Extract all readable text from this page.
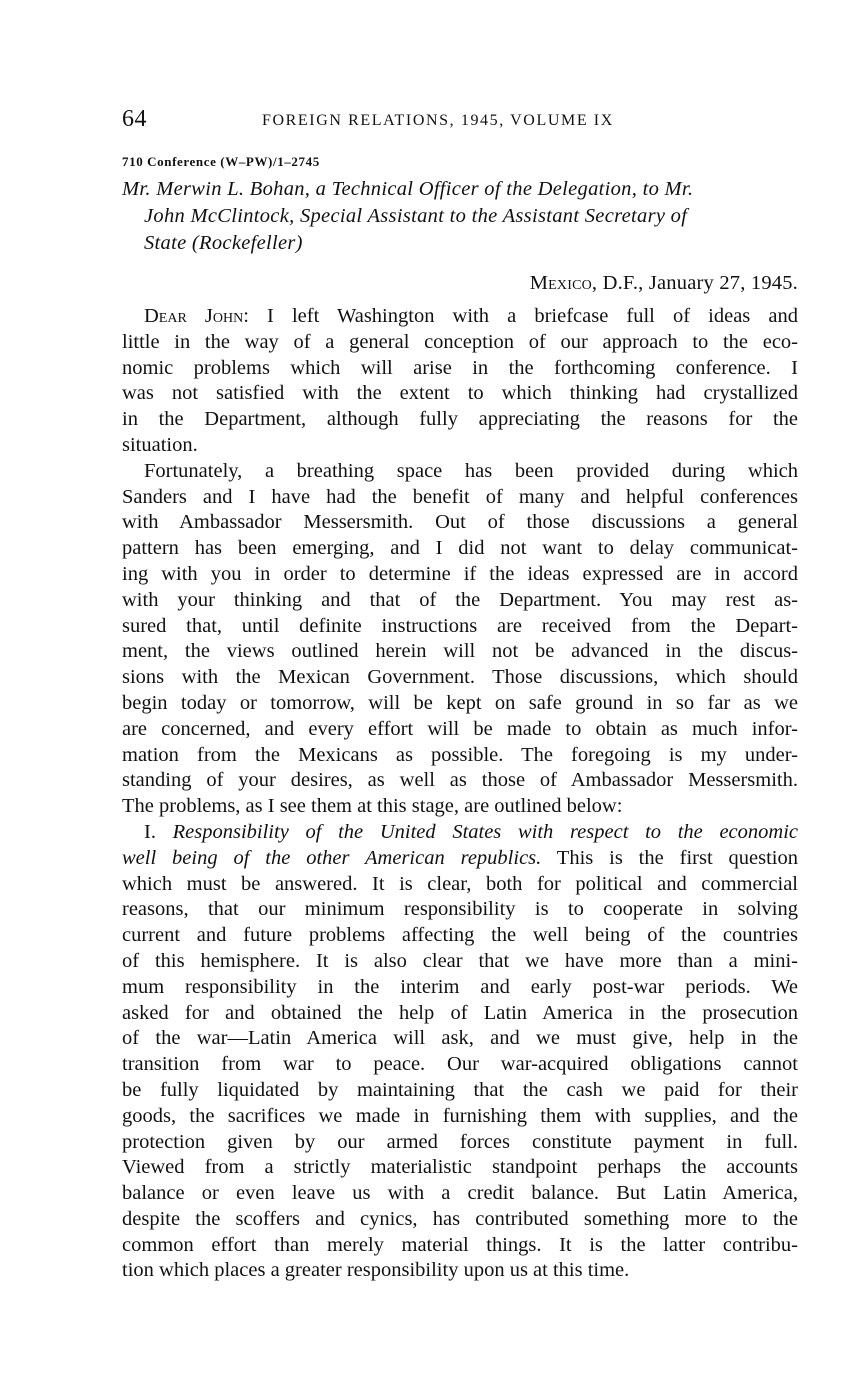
64	FOREIGN RELATIONS, 1945, VOLUME IX
710 Conference (W–PW)/1–2745
Mr. Merwin L. Bohan, a Technical Officer of the Delegation, to Mr.
John McClintock, Special Assistant to the Assistant Secretary of
State (Rockefeller)
Mexico, D.F., January 27, 1945.
Dear John: I left Washington with a briefcase full of ideas and
little in the way of a general conception of our approach to the eco-
nomic problems which will arise in the forthcoming conference. I
was not satisfied with the extent to which thinking had crystallized
in the Department, although fully appreciating the reasons for the
situation.
Fortunately, a breathing space has been provided during which
Sanders and I have had the benefit of many and helpful conferences
with Ambassador Messersmith. Out of those discussions a general
pattern has been emerging, and I did not want to delay communicat-
ing with you in order to determine if the ideas expressed are in accord
with your thinking and that of the Department. You may rest as-
sured that, until definite instructions are received from the Depart-
ment, the views outlined herein will not be advanced in the discus-
sions with the Mexican Government. Those discussions, which should
begin today or tomorrow, will be kept on safe ground in so far as we
are concerned, and every effort will be made to obtain as much infor-
mation from the Mexicans as possible. The foregoing is my under-
standing of your desires, as well as those of Ambassador Messersmith.
The problems, as I see them at this stage, are outlined below:
I. Responsibility of the United States with respect to the economic
well being of the other American republics. This is the first question
which must be answered. It is clear, both for political and commercial
reasons, that our minimum responsibility is to cooperate in solving
current and future problems affecting the well being of the countries
of this hemisphere. It is also clear that we have more than a mini-
mum responsibility in the interim and early post-war periods. We
asked for and obtained the help of Latin America in the prosecution
of the war—Latin America will ask, and we must give, help in the
transition from war to peace. Our war-acquired obligations cannot
be fully liquidated by maintaining that the cash we paid for their
goods, the sacrifices we made in furnishing them with supplies, and the
protection given by our armed forces constitute payment in full.
Viewed from a strictly materialistic standpoint perhaps the accounts
balance or even leave us with a credit balance. But Latin America,
despite the scoffers and cynics, has contributed something more to the
common effort than merely material things. It is the latter contribu-
tion which places a greater responsibility upon us at this time.
